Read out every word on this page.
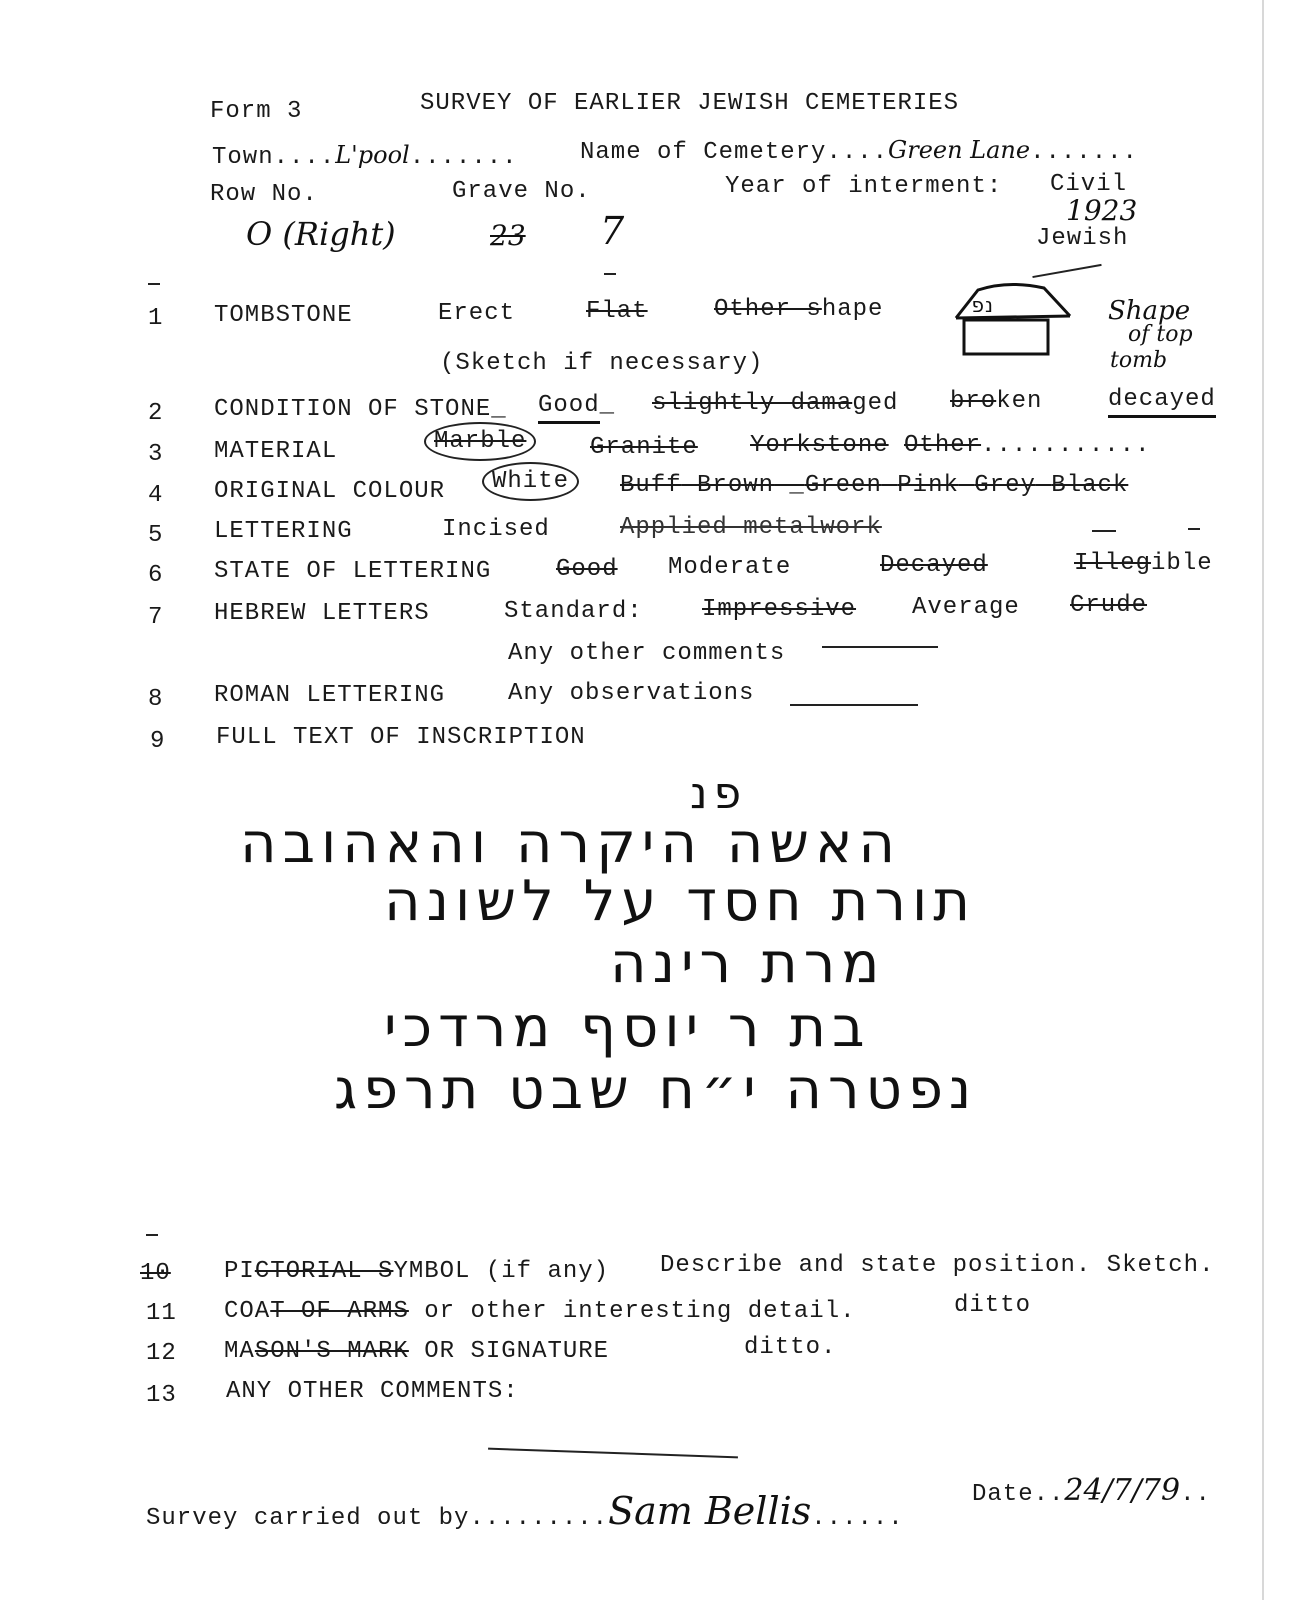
Form 3	SURVEY OF EARLIER JEWISH CEMETERIES
Town....L'pool.......	Name of Cemetery....Green Lane.......
Row No.	Grave No.	Year of interment: Civil
1923
Jewish
O (Right)	23 7
1 TOMBSTONE	Erect	Flat	Other shape	נפ	Shape
of top
tomb
(Sketch if necessary)
2 CONDITION OF STONE_ Good_ slightly damaged broken	decayed
3 MATERIAL	Marble	Granite Yorkstone Other...........
4 ORIGINAL COLOUR	White	Buff Brown _Green Pink Grey Black
5 LETTERING	Incised	Applied metalwork
6 STATE OF LETTERING	Good Moderate	Decayed	Illegible
7 HEBREW LETTERS	Standard: Impressive Average Crude
Any other comments
8 ROMAN LETTERING	Any observations
9 FULL TEXT OF INSCRIPTION
פנ
האשה היקרה והאהובה
תורת חסד על לשונה
מרת רינה
בת ר יוסף מרדכי
נפטרה י״ח שבט תרפג
10 PICTORIAL SYMBOL (if any) Describe and state position. Sketch.
11 COAT OF ARMS or other interesting detail.	ditto
12 MASON'S MARK OR SIGNATURE	ditto.
13 ANY OTHER COMMENTS:
Survey carried out by.........Sam Bellis......
Date..24/7/79..
